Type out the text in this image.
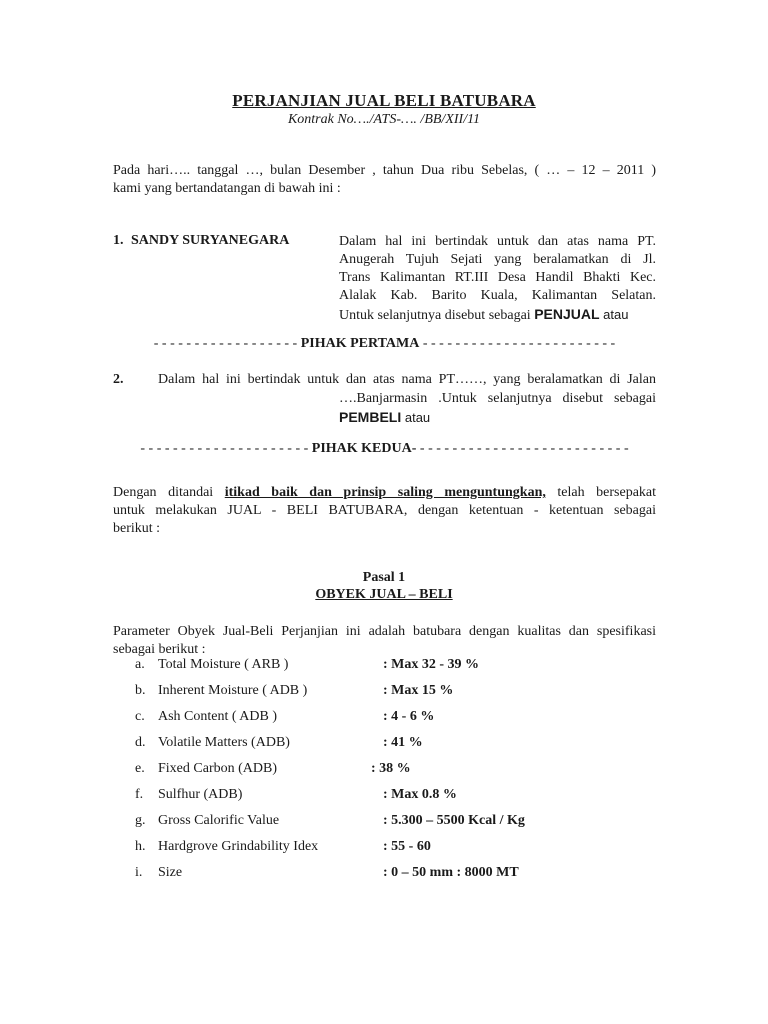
PERJANJIAN JUAL BELI BATUBARA
Kontrak No…./ATS-…. /BB/XII/11
Pada hari….. tanggal …, bulan Desember , tahun Dua ribu Sebelas, ( … – 12 – 2011 )
kami yang bertandatangan di bawah ini :
1. SANDY SURYANEGARA	Dalam hal ini bertindak untuk dan atas nama PT.
Anugerah Tujuh Sejati yang beralamatkan di Jl.
Trans Kalimantan RT.III Desa Handil Bhakti Kec.
Alalak Kab. Barito Kuala, Kalimantan Selatan.
Untuk selanjutnya disebut sebagai PENJUAL atau
- - - - - - - - - - - - - - - - - - PIHAK PERTAMA - - - - - - - - - - - - - - - - - - - - - - - -
2. Dalam hal ini bertindak untuk dan atas nama PT……, yang beralamatkan di Jalan
….Banjarmasin .Untuk selanjutnya disebut sebagai
PEMBELI atau
- - - - - - - - - - - - - - - - - - - - - PIHAK KEDUA- - - - - - - - - - - - - - - - - - - - - - - - - - -
Dengan ditandai itikad baik dan prinsip saling menguntungkan, telah bersepakat
untuk melakukan JUAL - BELI BATUBARA, dengan ketentuan - ketentuan sebagai
berikut :
Pasal 1
OBYEK JUAL – BELI
Parameter Obyek Jual-Beli Perjanjian ini adalah batubara dengan kualitas dan spesifikasi
sebagai berikut :
a. Total Moisture ( ARB )	: Max 32 - 39 %
b. Inherent Moisture ( ADB )	: Max 15 %
c. Ash Content ( ADB )	: 4 - 6 %
d. Volatile Matters (ADB)	: 41 %
e. Fixed Carbon (ADB)	: 38 %
f. Sulfhur (ADB)	: Max 0.8 %
g. Gross Calorific Value	: 5.300 – 5500 Kcal / Kg
h. Hardgrove Grindability Idex	: 55 - 60
i. Size	: 0 – 50 mm : 8000 MT
